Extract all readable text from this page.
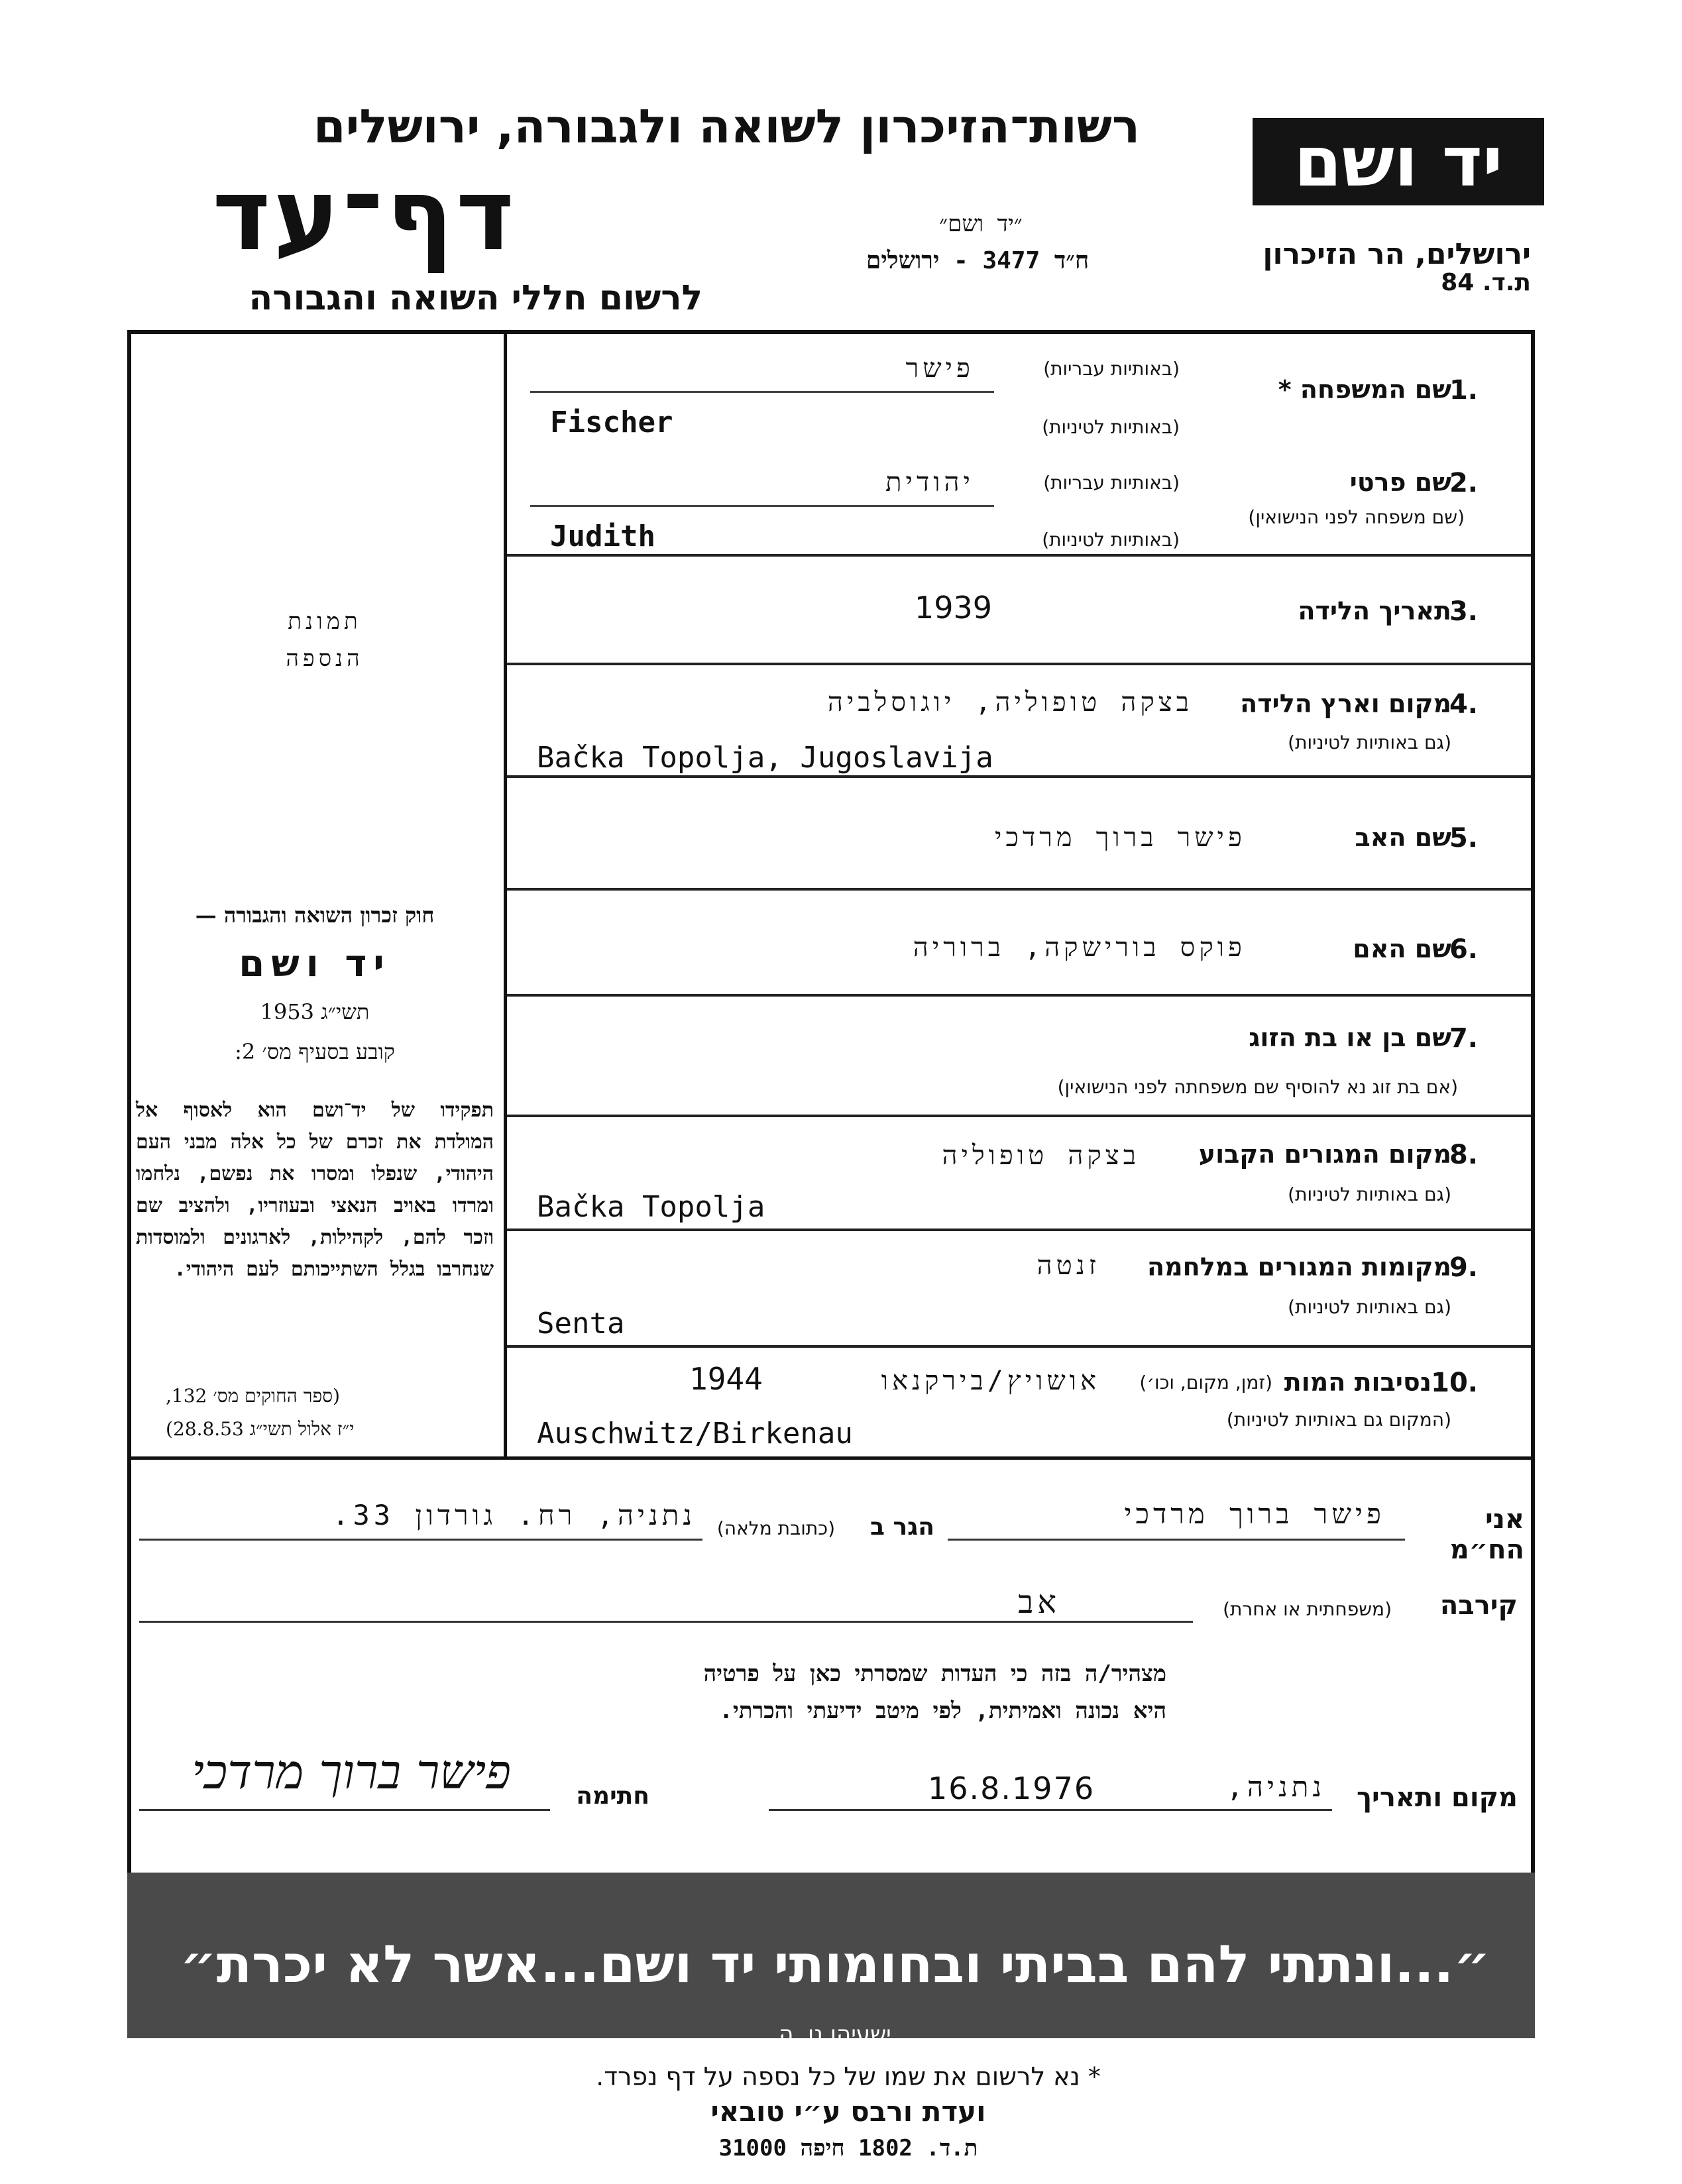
יד ושם
ירושלים, הר הזיכרון
ת.ד. 84
רשות־הזיכרון לשואה ולגבורה, ירושלים
דף־עד
לרשום חללי השואה והגבורה
״יד ושם״
ח״ד 3477 - ירושלים
תמונת
הנספה
חוק זכרון השואה והגבורה —
יד ושם
תשי״ג 1953
קובע בסעיף מס׳ 2:
תפקידו של יד־ושם הוא לאסוף אל המולדת את זכרם של כל אלה מבני העם היהודי, שנפלו ומסרו את נפשם, נלחמו ומרדו באויב הנאצי ובעוזריו, ולהציב שם וזכר להם, לקהילות, לארגונים ולמוסדות שנחרבו בגלל השתייכותם לעם היהודי.
(ספר החוקים מס׳ 132,
י״ז אלול תשי״ג 28.8.53)
1.
שם המשפחה *
(באותיות עבריות)
פישר
(באותיות לטיניות)
Fischer
2.
שם פרטי
(שם משפחה לפני הנישואין)
(באותיות עבריות)
יהודית
(באותיות לטיניות)
Judith
3.
תאריך הלידה
1939
4.
מקום וארץ הלידה
(גם באותיות לטיניות)
בצקה טופוליה, יוגוסלביה
Bačka Topolja, Jugoslavija
5.
שם האב
פישר ברוך מרדכי
6.
שם האם
פוקס בורישקה, ברוריה
7.
שם בן או בת הזוג
(אם בת זוג נא להוסיף שם משפחתה לפני הנישואין)
8.
מקום המגורים הקבוע
(גם באותיות לטיניות)
בצקה טופוליה
Bačka Topolja
9.
מקומות המגורים במלחמה
(גם באותיות לטיניות)
זנטה
Senta
10.
נסיבות המות
(זמן, מקום, וכו׳)
(המקום גם באותיות לטיניות)
אושויץ/בירקנאו
1944
Auschwitz/Birkenau
אני הח״מ
פישר ברוך מרדכי
הגר ב
(כתובת מלאה)
נתניה, רח. גורדון 33.
קירבה
(משפחתית או אחרת)
אב
מצהיר/ה בזה כי העדות שמסרתי כאן על פרטיה
היא נכונה ואמיתית, לפי מיטב ידיעתי והכרתי.
מקום ותאריך
נתניה,
16.8.1976
חתימה
פישר ברוך מרדכי
״...ונתתי להם בביתי ובחומותי יד ושם...אשר לא יכרת״ ישעיהו נו, ה
* נא לרשום את שמו של כל נספה על דף נפרד.
ועדת ורבס ע״י טובאי
ת.ד. 1802 חיפה 31000
